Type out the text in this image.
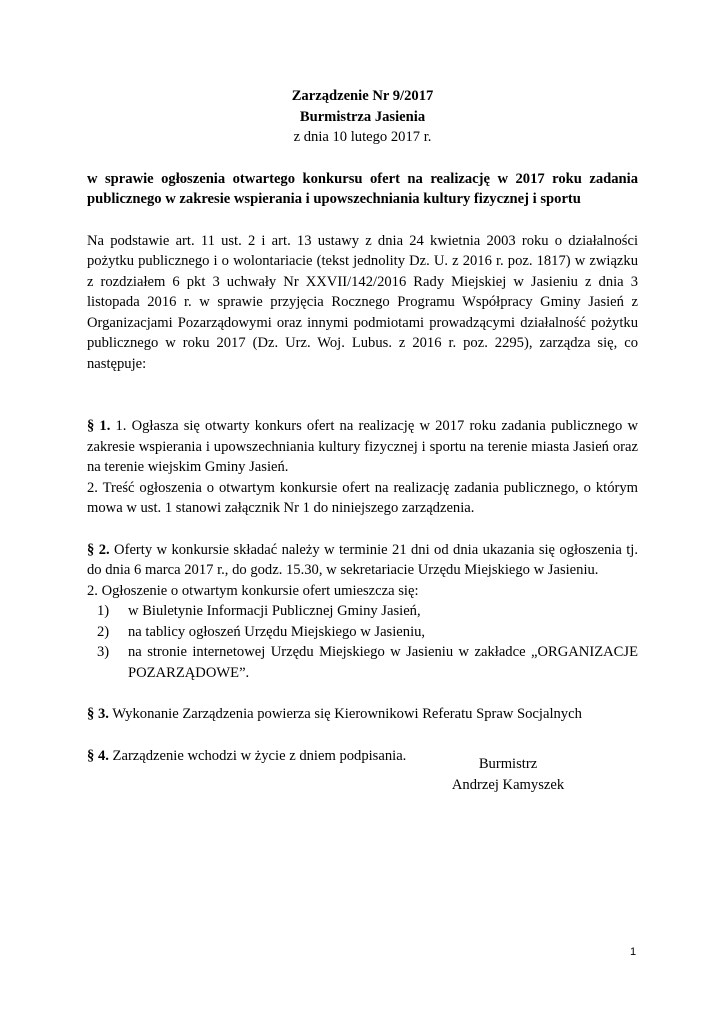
Zarządzenie Nr 9/2017

Burmistrza Jasienia

z dnia 10 lutego 2017 r.

w sprawie ogłoszenia otwartego konkursu ofert na realizację w 2017 roku zadania publicznego w zakresie wspierania i upowszechniania kultury fizycznej i sportu

Na podstawie art. 11 ust. 2 i art. 13 ustawy z dnia 24 kwietnia 2003 roku o działalności pożytku publicznego i o wolontariacie (tekst jednolity Dz. U. z 2016 r. poz. 1817) w związku z rozdziałem 6 pkt 3 uchwały Nr XXVII/142/2016 Rady Miejskiej w Jasieniu z dnia 3 listopada 2016 r. w sprawie przyjęcia Rocznego Programu Współpracy Gminy Jasień z Organizacjami Pozarządowymi oraz innymi podmiotami prowadzącymi działalność pożytku publicznego w roku 2017 (Dz. Urz. Woj. Lubus. z 2016 r. poz. 2295), zarządza się, co następuje:

§ 1. 1. Ogłasza się otwarty konkurs ofert na realizację w 2017 roku zadania publicznego w zakresie wspierania i upowszechniania kultury fizycznej i sportu na terenie miasta Jasień oraz na terenie wiejskim Gminy Jasień.

2. Treść ogłoszenia o otwartym konkursie ofert na realizację zadania publicznego, o którym mowa w ust. 1 stanowi załącznik Nr 1 do niniejszego zarządzenia.

§ 2. Oferty w konkursie składać należy w terminie 21 dni od dnia ukazania się ogłoszenia tj. do dnia 6 marca 2017 r., do godz. 15.30, w sekretariacie Urzędu Miejskiego w Jasieniu.

2. Ogłoszenie o otwartym konkursie ofert umieszcza się:

1) w Biuletynie Informacji Publicznej Gminy Jasień,
2) na tablicy ogłoszeń Urzędu Miejskiego w Jasieniu,
3) na stronie internetowej Urzędu Miejskiego w Jasieniu w zakładce „ORGANIZACJE POZARZĄDOWE”.

§ 3. Wykonanie Zarządzenia powierza się Kierownikowi Referatu Spraw Socjalnych

§ 4. Zarządzenie wchodzi w życie z dniem podpisania.

Burmistrz

Andrzej Kamyszek

1
